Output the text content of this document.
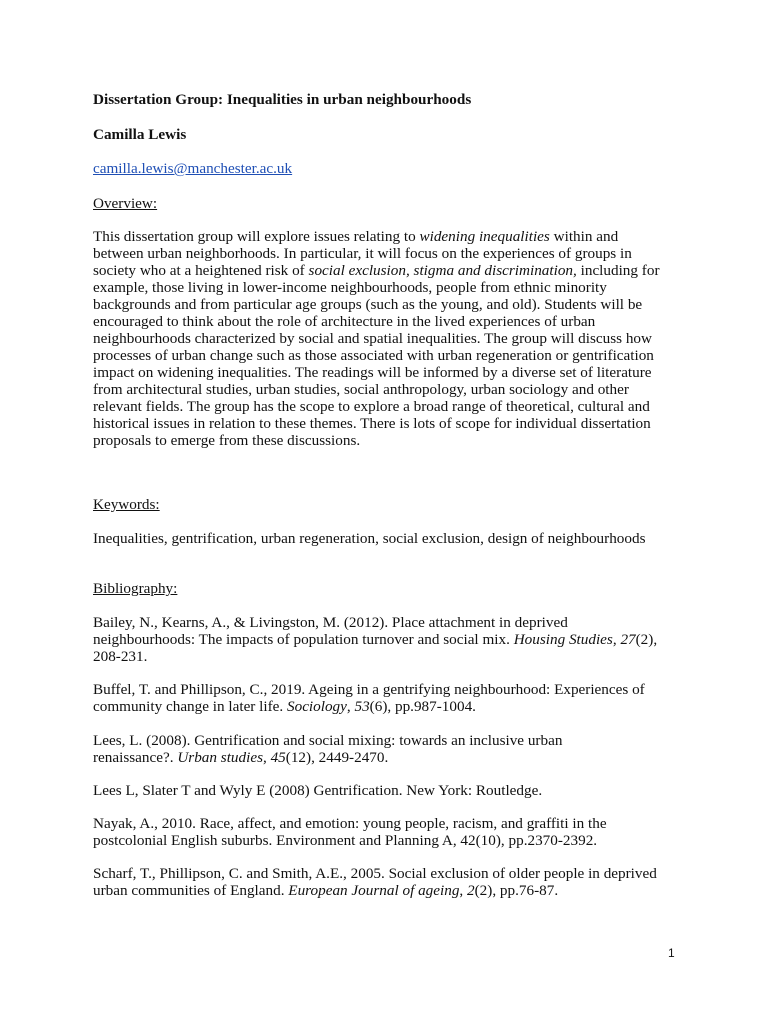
Dissertation Group: Inequalities in urban neighbourhoods
Camilla Lewis
camilla.lewis@manchester.ac.uk
Overview:
This dissertation group will explore issues relating to widening inequalities within and
between urban neighborhoods. In particular, it will focus on the experiences of groups in
society who at a heightened risk of social exclusion, stigma and discrimination, including for
example, those living in lower-income neighbourhoods, people from ethnic minority
backgrounds and from particular age groups (such as the young, and old). Students will be
encouraged to think about the role of architecture in the lived experiences of urban
neighbourhoods characterized by social and spatial inequalities. The group will discuss how
processes of urban change such as those associated with urban regeneration or gentrification
impact on widening inequalities. The readings will be informed by a diverse set of literature
from architectural studies, urban studies, social anthropology, urban sociology and other
relevant fields. The group has the scope to explore a broad range of theoretical, cultural and
historical issues in relation to these themes. There is lots of scope for individual dissertation
proposals to emerge from these discussions.
Keywords:
Inequalities, gentrification, urban regeneration, social exclusion, design of neighbourhoods
Bibliography:
Bailey, N., Kearns, A., & Livingston, M. (2012). Place attachment in deprived
neighbourhoods: The impacts of population turnover and social mix. Housing Studies, 27(2),
208-231.
Buffel, T. and Phillipson, C., 2019. Ageing in a gentrifying neighbourhood: Experiences of
community change in later life. Sociology, 53(6), pp.987-1004.
Lees, L. (2008). Gentrification and social mixing: towards an inclusive urban
renaissance?. Urban studies, 45(12), 2449-2470.
Lees L, Slater T and Wyly E (2008) Gentrification. New York: Routledge.
Nayak, A., 2010. Race, affect, and emotion: young people, racism, and graffiti in the
postcolonial English suburbs. Environment and Planning A, 42(10), pp.2370-2392.
Scharf, T., Phillipson, C. and Smith, A.E., 2005. Social exclusion of older people in deprived
urban communities of England. European Journal of ageing, 2(2), pp.76-87.
1
